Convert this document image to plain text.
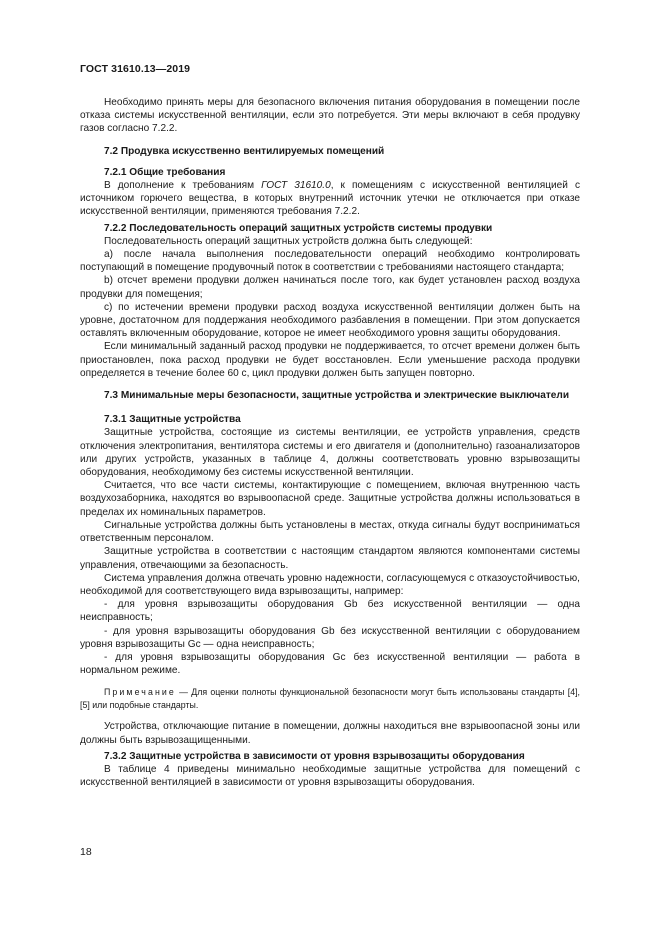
ГОСТ 31610.13—2019

Необходимо принять меры для безопасного включения питания оборудования в помещении после отказа системы искусственной вентиляции, если это потребуется. Эти меры включают в себя продувку газов согласно 7.2.2.

7.2 Продувка искусственно вентилируемых помещений

7.2.1 Общие требования

В дополнение к требованиям ГОСТ 31610.0, к помещениям с искусственной вентиляцией с источником горючего вещества, в которых внутренний источник утечки не отключается при отказе искусственной вентиляции, применяются требования 7.2.2.

7.2.2 Последовательность операций защитных устройств системы продувки

Последовательность операций защитных устройств должна быть следующей:

а) после начала выполнения последовательности операций необходимо контролировать поступающий в помещение продувочный поток в соответствии с требованиями настоящего стандарта;

b) отсчет времени продувки должен начинаться после того, как будет установлен расход воздуха продувки для помещения;

с) по истечении времени продувки расход воздуха искусственной вентиляции должен быть на уровне, достаточном для поддержания необходимого разбавления в помещении. При этом допускается оставлять включенным оборудование, которое не имеет необходимого уровня защиты оборудования.

Если минимальный заданный расход продувки не поддерживается, то отсчет времени должен быть приостановлен, пока расход продувки не будет восстановлен. Если уменьшение расхода продувки определяется в течение бoлее 60 с, цикл продувки должен быть запущен повторно.

7.3 Минимальные меры безопасности, защитные устройства и электрические выключатели

7.3.1 Защитные устройства

Защитные устройства, состоящие из системы вентиляции, ее устройств управления, средств отключения электропитания, вентилятора системы и его двигателя и (дополнительно) газоанализаторов или других устройств, указанных в таблице 4, должны соответствовать уровню взрывозащиты оборудования, необходимому без системы искусственной вентиляции.

Считается, что все части системы, контактирующие с помещением, включая внутреннюю часть воздухозаборника, находятся во взрывоопасной среде. Защитные устройства должны использоваться в пределах их номинальных параметров.

Сигнальные устройства должны быть установлены в местах, откуда сигналы будут восприниматься ответственным персоналом.

Защитные устройства в соответствии с настоящим стандартом являются компонентами системы управления, отвечающими за безопасность.

Система управления должна отвечать уровню надежности, согласующемуся с отказоустойчивостью, необходимой для соответствующего вида взрывозащиты, например:

- для уровня взрывозащиты оборудования Gb без искусственной вентиляции — одна неисправность;

- для уровня взрывозащиты оборудования Gb без искусственной вентиляции с оборудованием уровня взрывозащиты Gc — одна неисправность;

- для уровня взрывозащиты оборудования Gc без искусственной вентиляции — работа в нормальном режиме.

Примечание — Для оценки полноты функциональной безопасности могут быть использованы стандарты [4], [5] или подобные стандарты.

Устройства, отключающие питание в помещении, должны находиться вне взрывоопасной зоны или должны быть взрывозащищенными.

7.3.2 Защитные устройства в зависимости от уровня взрывозащиты оборудования

В таблице 4 приведены минимально необходимые защитные устройства для помещений с искусственной вентиляцией в зависимости от уровня взрывозащиты оборудования.

18
